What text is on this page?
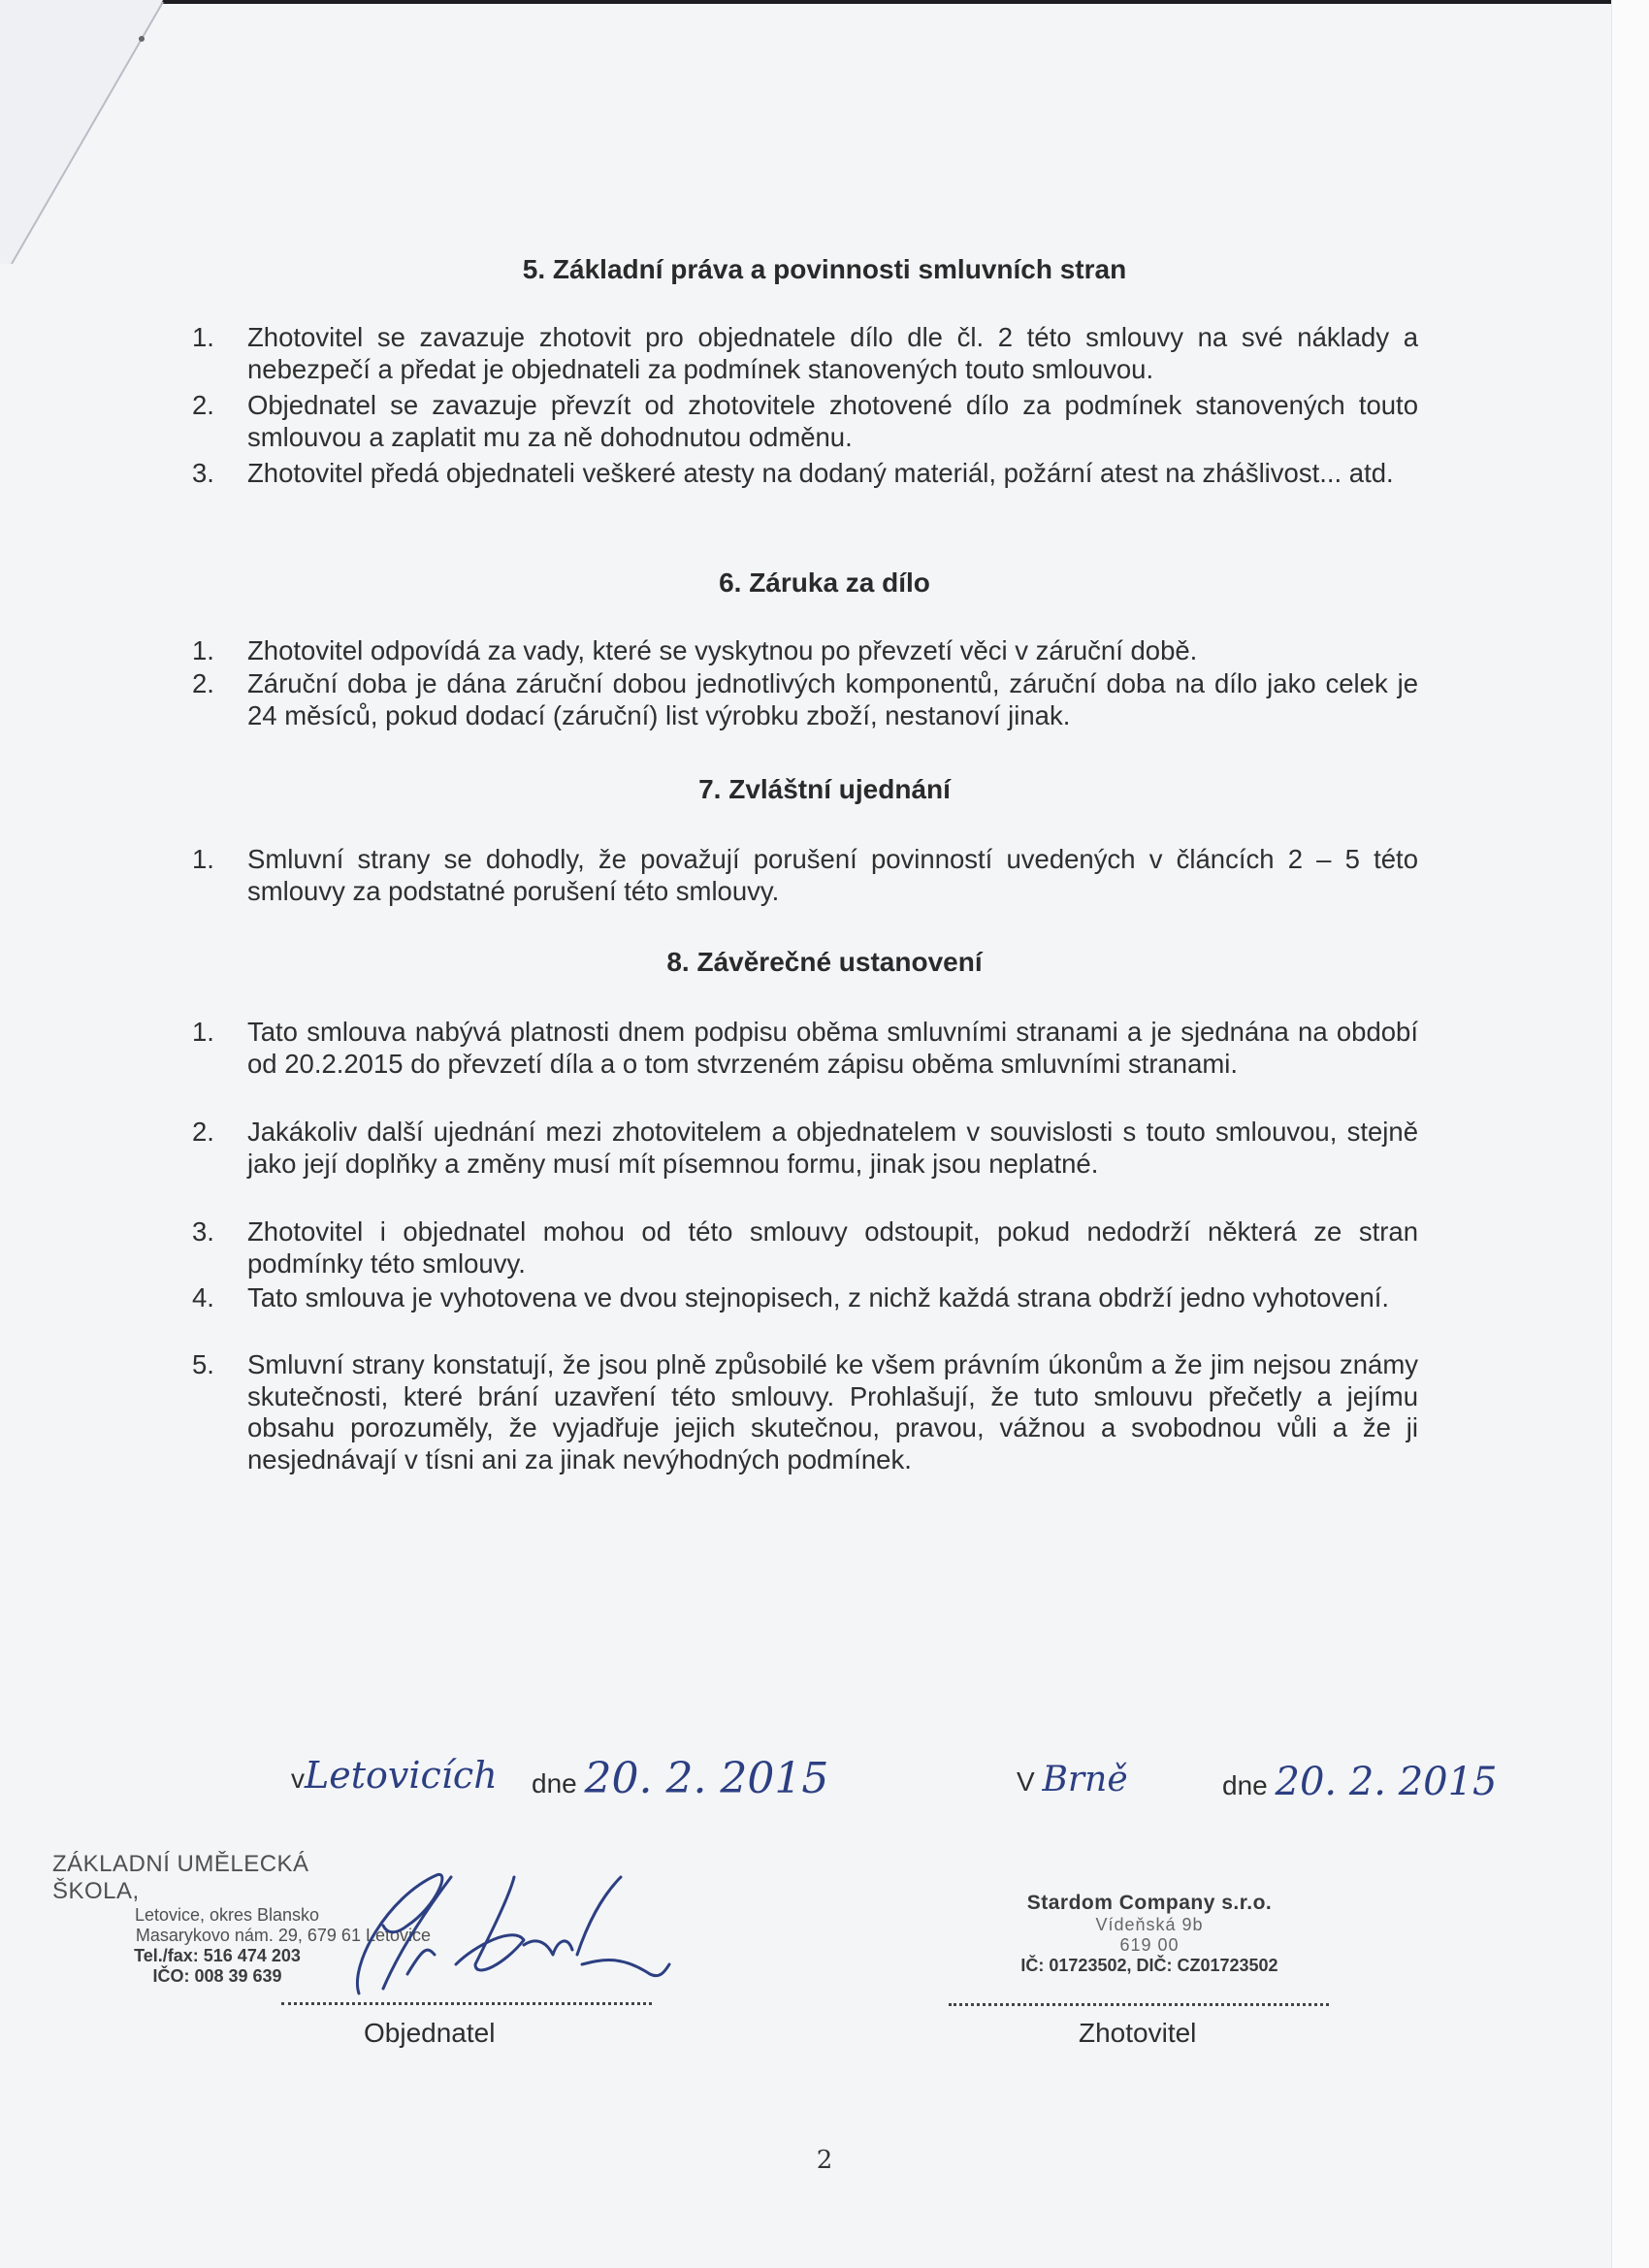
5. Základní práva a povinnosti smluvních stran
1.	Zhotovitel se zavazuje zhotovit pro objednatele dílo dle čl. 2 této smlouvy na své náklady a nebezpečí a předat je objednateli za podmínek stanovených touto smlouvou.
2.	Objednatel se zavazuje převzít od zhotovitele zhotovené dílo za podmínek stanovených touto smlouvou a zaplatit mu za ně dohodnutou odměnu.
3.	Zhotovitel předá objednateli veškeré atesty na dodaný materiál, požární atest na zhášlivost... atd.
6. Záruka za dílo
1.	Zhotovitel odpovídá za vady, které se vyskytnou po převzetí věci v záruční době.
2.	Záruční doba je dána záruční dobou jednotlivých komponentů, záruční doba na dílo jako celek je 24 měsíců, pokud dodací (záruční) list výrobku zboží, nestanoví jinak.
7. Zvláštní ujednání
1.	Smluvní strany se dohodly, že považují porušení povinností uvedených v článcích 2 – 5 této smlouvy za podstatné porušení této smlouvy.
8. Závěrečné ustanovení
1.	Tato smlouva nabývá platnosti dnem podpisu oběma smluvními stranami a je sjednána na období od 20.2.2015 do převzetí díla a o tom stvrzeném zápisu oběma smluvními stranami.
2.	Jakákoliv další ujednání mezi zhotovitelem a objednatelem v souvislosti s touto smlouvou, stejně jako její doplňky a změny musí mít písemnou formu, jinak jsou neplatné.
3.	Zhotovitel i objednatel mohou od této smlouvy odstoupit, pokud nedodrží některá ze stran podmínky této smlouvy.
4.	Tato smlouva je vyhotovena ve dvou stejnopisech, z nichž každá strana obdrží jedno vyhotovení.
5.	Smluvní strany konstatují, že jsou plně způsobilé ke všem právním úkonům a že jim nejsou známy skutečnosti, které brání uzavření této smlouvy. Prohlašují, že tuto smlouvu přečetly a jejímu obsahu porozuměly, že vyjadřuje jejich skutečnou, pravou, vážnou a svobodnou vůli a že ji nesjednávají v tísni ani za jinak nevýhodných podmínek.
vLetovicích dne 20. 2. 2015	V Brně	dne 20. 2. 2015
ZÁKLADNÍ UMĚLECKÁ ŠKOLA,
Letovice, okres Blansko
Masarykovo nám. 29, 679 61 Letovice
Tel./fax: 516 474 203
IČO: 008 39 639
Objednatel
Stardom Company s.r.o.
Vídeňská 9b
619 00
IČ: 01723502, DIČ: CZ01723502
Zhotovitel
2
